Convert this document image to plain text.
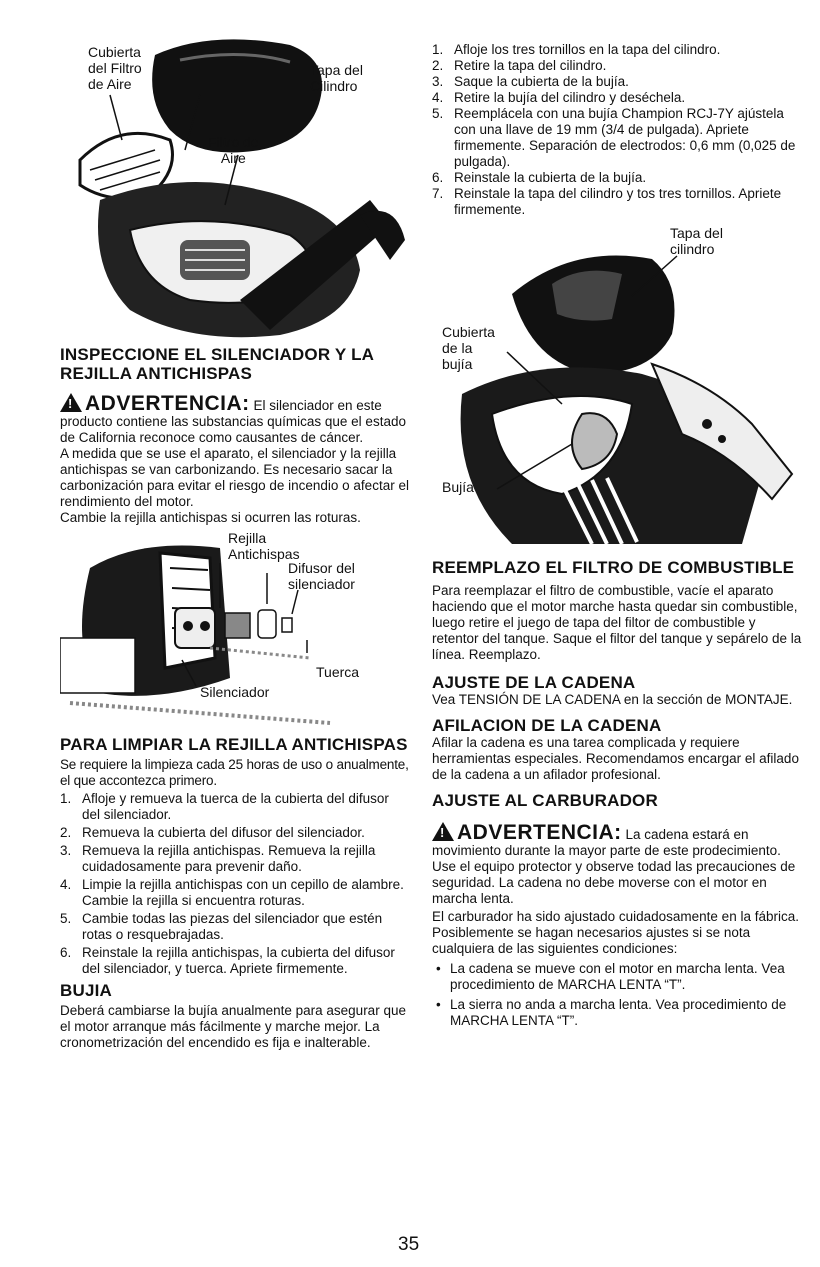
Cubierta
del Filtro
de Aire
Tapa del
Cilindro
Filtro de
Aire
INSPECCIONE EL SILENCIADOR Y LA REJILLA ANTICHISPAS

!ADVERTENCIA: El silenciador en este producto contiene las substancias químicas que el estado de California reconoce como causantes de cáncer.

A medida que se use el aparato, el silenciador y la rejilla antichispas se van carbonizando. Es necesario sacar la carbonización para evitar el riesgo de incendio o afectar el rendimiento del motor.

Cambie la rejilla antichispas si ocurren las roturas.

Rejilla
Antichispas
Difusor del
silenciador
Tuerca
Silenciador
PARA LIMPIAR LA REJILLA ANTICHISPAS

Se requiere la limpieza cada 25 horas de uso o anualmente, el que accontezca primero.

1. Afloje y remueva la tuerca de la cubierta del difusor del silenciador.
2. Remueva la cubierta del difusor del silenciador.
3. Remueva la rejilla antichispas. Remueva la rejilla cuidadosamente para prevenir daño.
4. Limpie la rejilla antichispas con un cepillo de alambre. Cambie la rejilla si encuentra roturas.
5. Cambie todas las piezas del silenciador que estén rotas o resquebrajadas.
6. Reinstale la rejilla antichispas, la cubierta del difusor del silenciador, y tuerca. Apriete firmemente.
BUJIA

Deberá cambiarse la bujía anualmente para asegurar que el motor arranque más fácilmente y marche mejor. La cronometrización del encendido es fija e inalterable.

1. Afloje los tres tornillos en la tapa del cilindro.
2. Retire la tapa del cilindro.
3. Saque la cubierta de la bujía.
4. Retire la bujía del cilindro y deséchela.
5. Reemplácela con una bujía Champion RCJ-7Y ajústela con una llave de 19 mm (3/4 de pulgada). Apriete firmemente. Separación de electrodos: 0,6 mm (0,025 de pulgada).
6. Reinstale la cubierta de la bujía.
7. Reinstale la tapa del cilindro y tos tres tornillos. Apriete firmemente.
Tapa del
cilindro
Cubierta
de la
bujía
Bujía
REEMPLAZO EL FILTRO DE COMBUSTIBLE

Para reemplazar el filtro de combustible, vacíe el aparato haciendo que el motor marche hasta quedar sin combustible, luego retire el juego de tapa del filtor de combustible y retentor del tanque. Saque el filtor del tanque y sepárelo de la línea. Reemplazo.

AJUSTE DE LA CADENA

Vea TENSIÓN DE LA CADENA en la sección de MONTAJE.

AFILACION DE LA CADENA

Afilar la cadena es una tarea complicada y requiere herramientas especiales. Recomendamos encargar el afilado de la cadena a un afilador profesional.

AJUSTE AL CARBURADOR

!ADVERTENCIA: La cadena estará en movimiento durante la mayor parte de este prodecimiento. Use el equipo protector y observe todad las precauciones de seguridad. La cadena no debe moverse con el motor en marcha lenta.

El carburador ha sido ajustado cuidadosamente en la fábrica. Posiblemente se hagan necesarios ajustes si se nota cualquiera de las siguientes condiciones:

• La cadena se mueve con el motor en marcha lenta. Vea procedimiento de MARCHA LENTA “T”.
• La sierra no anda a marcha lenta. Vea procedimiento de MARCHA LENTA “T”.
35
